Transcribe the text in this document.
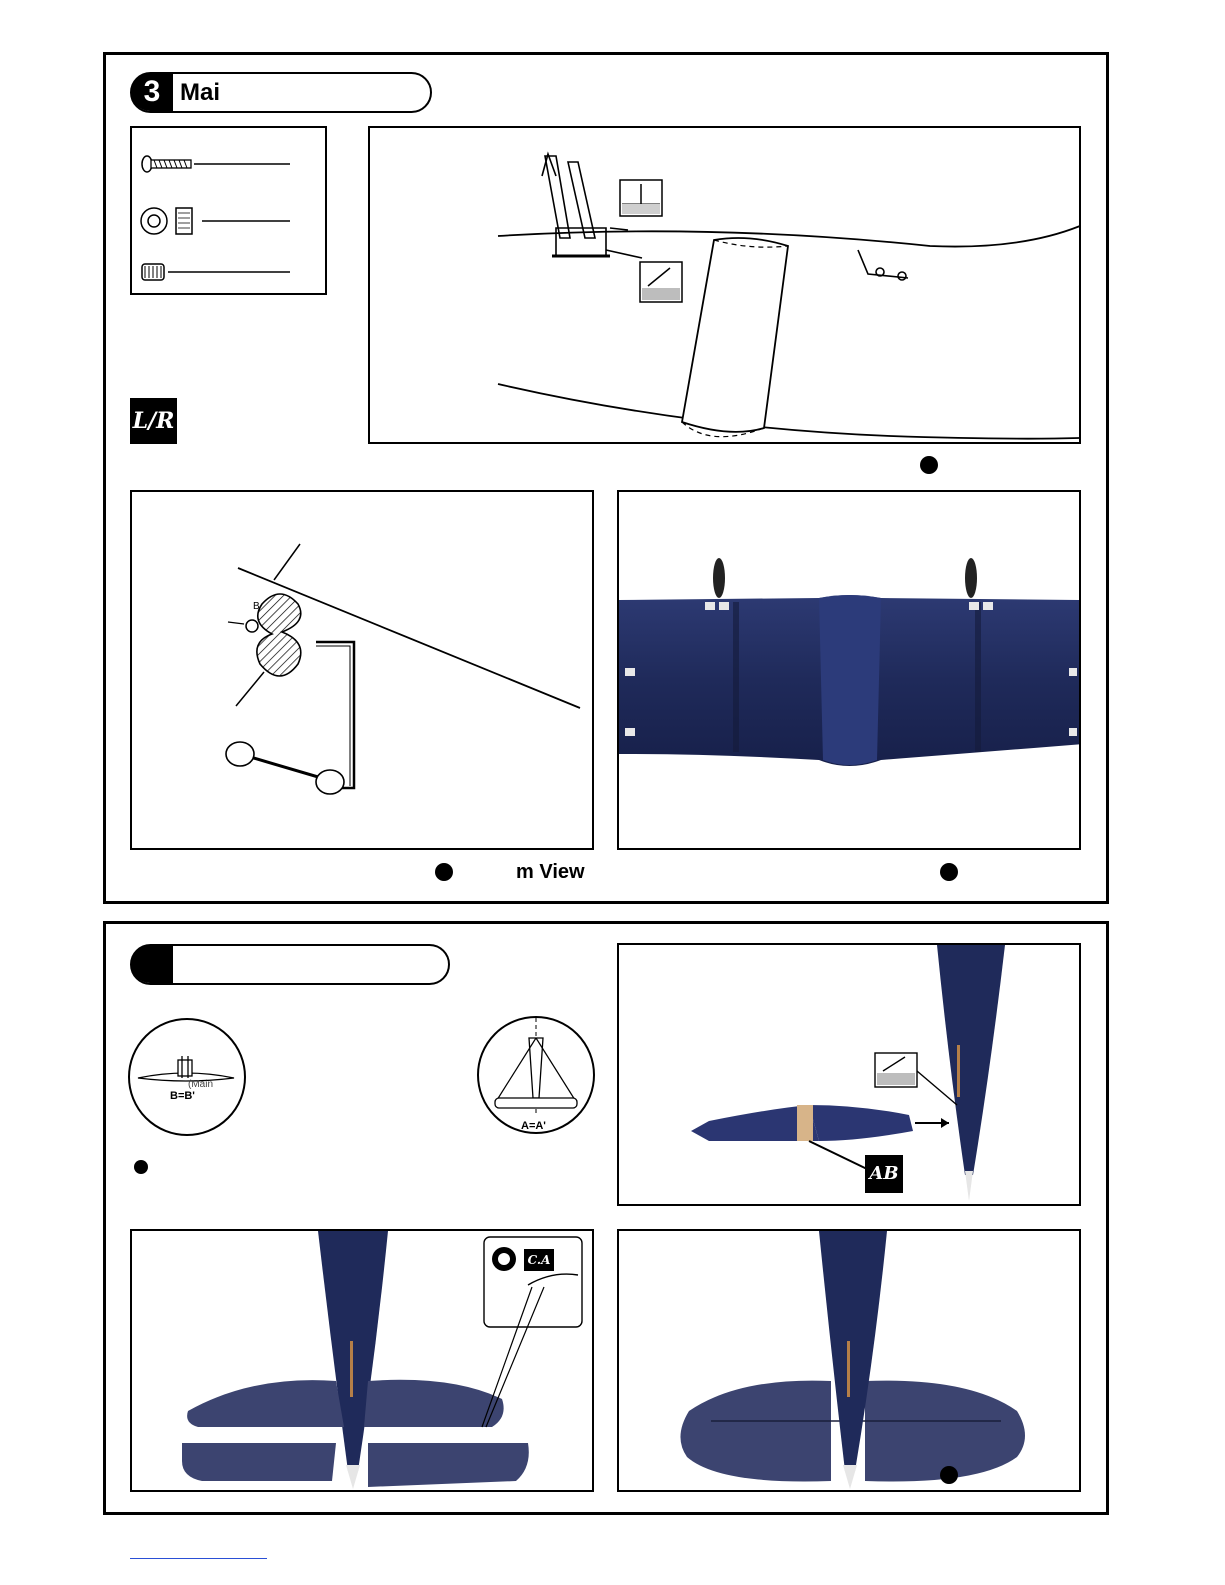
3 Mai
L/R
B
m View
(Main
B=B'
A=A'
AB
C.A
